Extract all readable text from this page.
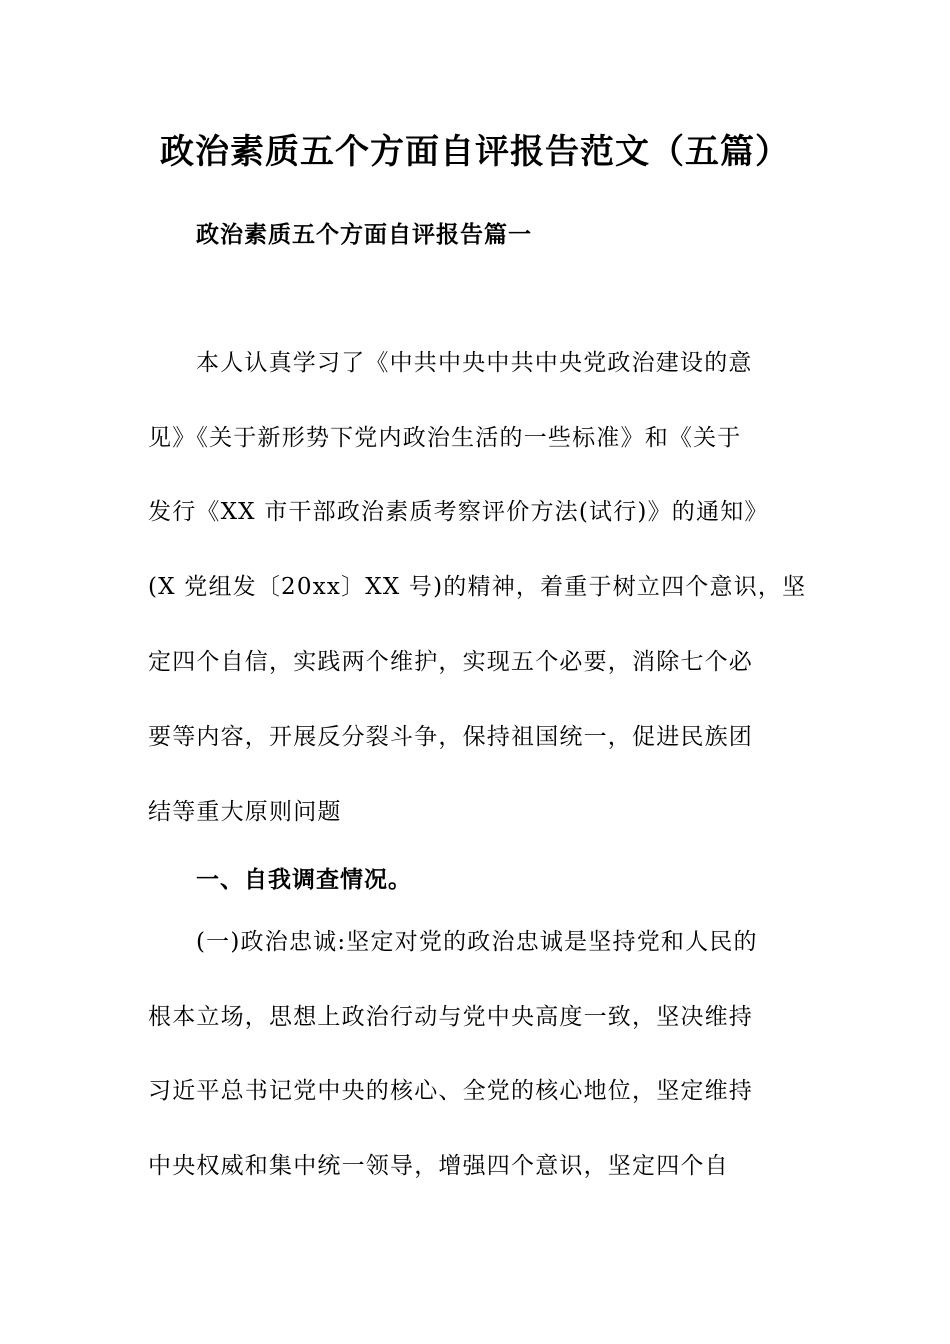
政治素质五个方面自评报告范文（五篇）
政治素质五个方面自评报告篇一
本人认真学习了《中共中央中共中央党政治建设的意
见》《关于新形势下党内政治生活的一些标准》和《关于
发行《XX 市干部政治素质考察评价方法(试行)》的通知》
(X 党组发〔20xx〕XX 号)的精神，着重于树立四个意识，坚
定四个自信，实践两个维护，实现五个必要，消除七个必
要等内容，开展反分裂斗争，保持祖国统一，促进民族团
结等重大原则问题
一、自我调查情况。
(一)政治忠诚:坚定对党的政治忠诚是坚持党和人民的
根本立场，思想上政治行动与党中央高度一致，坚决维持
习近平总书记党中央的核心、全党的核心地位，坚定维持
中央权威和集中统一领导，增强四个意识，坚定四个自
